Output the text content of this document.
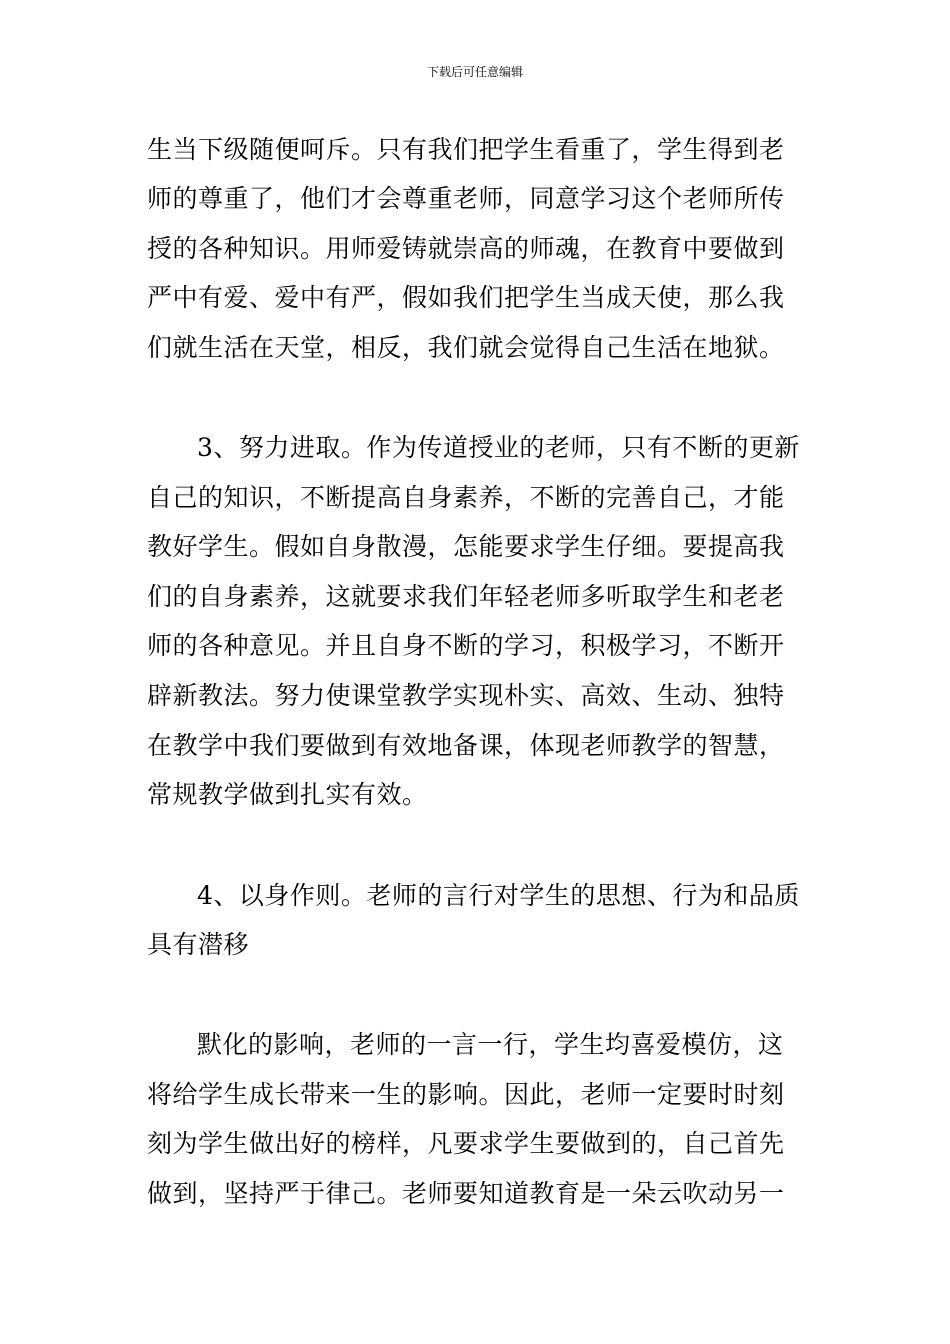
下载后可任意编辑
生当下级随便呵斥。只有我们把学生看重了，学生得到老
师的尊重了，他们才会尊重老师，同意学习这个老师所传
授的各种知识。用师爱铸就崇高的师魂，在教育中要做到
严中有爱、爱中有严，假如我们把学生当成天使，那么我
们就生活在天堂，相反，我们就会觉得自己生活在地狱。
3、努力进取。作为传道授业的老师，只有不断的更新
自己的知识，不断提高自身素养，不断的完善自己，才能
教好学生。假如自身散漫，怎能要求学生仔细。要提高我
们的自身素养，这就要求我们年轻老师多听取学生和老老
师的各种意见。并且自身不断的学习，积极学习，不断开
辟新教法。努力使课堂教学实现朴实、高效、生动、独特
在教学中我们要做到有效地备课，体现老师教学的智慧，
常规教学做到扎实有效。
4、以身作则。老师的言行对学生的思想、行为和品质
具有潜移
默化的影响，老师的一言一行，学生均喜爱模仿，这
将给学生成长带来一生的影响。因此，老师一定要时时刻
刻为学生做出好的榜样，凡要求学生要做到的，自己首先
做到，坚持严于律己。老师要知道教育是一朵云吹动另一
